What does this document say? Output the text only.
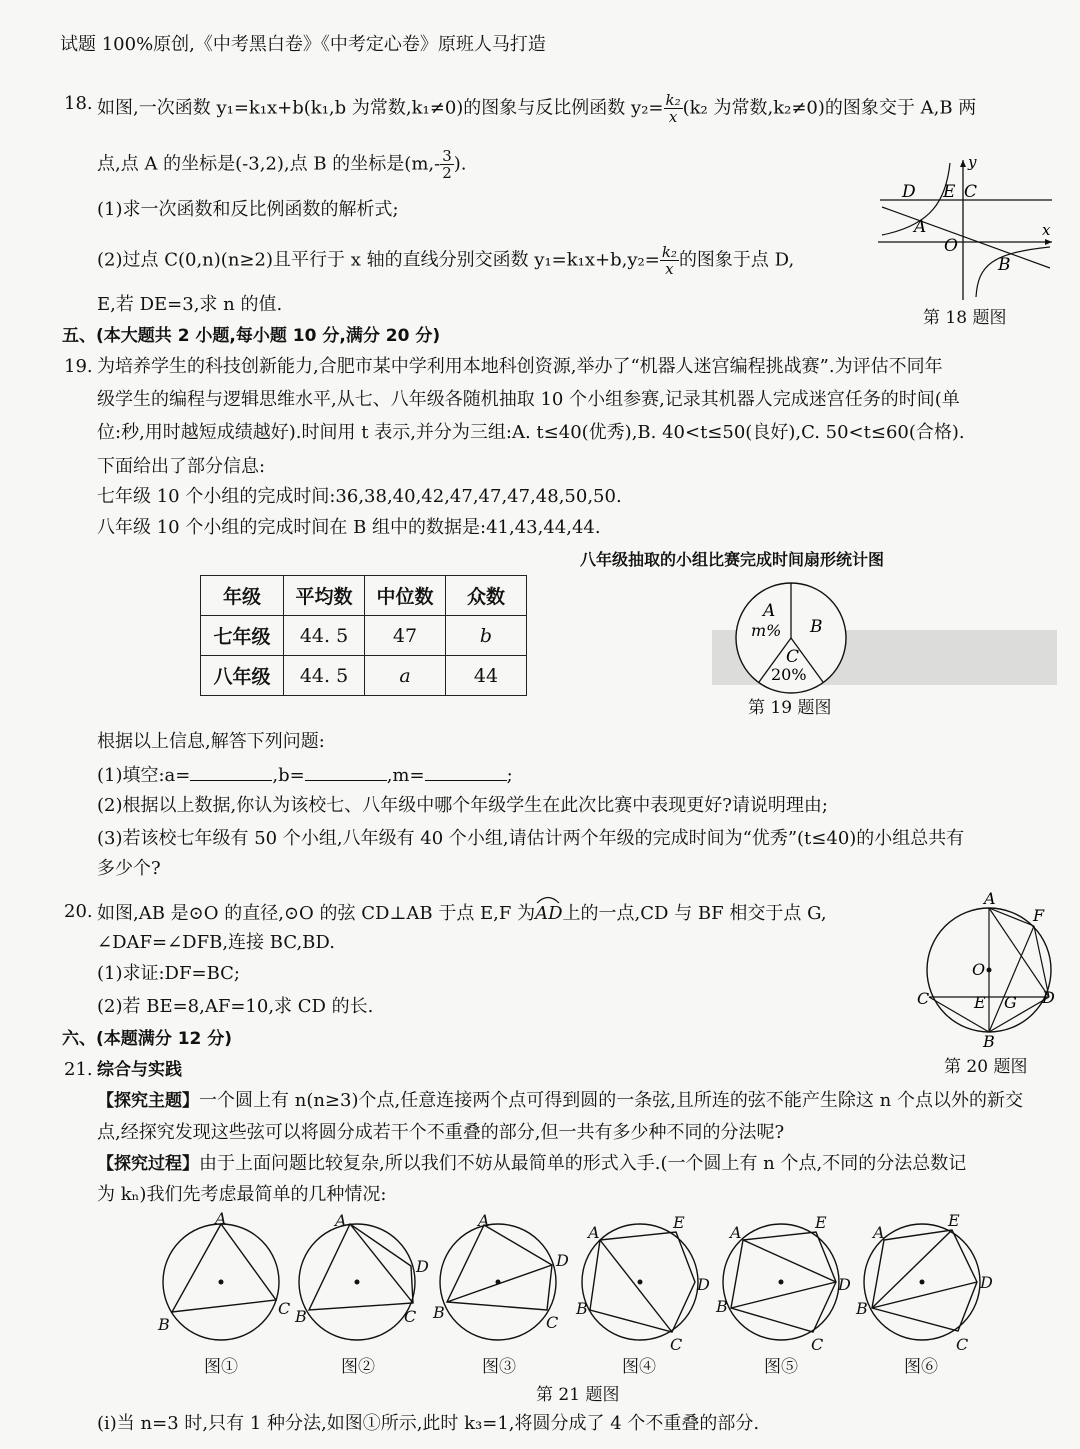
试题 100%原创,《中考黑白卷》《中考定心卷》原班人马打造
18. 如图,一次函数 y₁=k₁x+b(k₁,b 为常数,k₁≠0)的图象与反比例函数 $y_2= \frac{\text{k₂}}{x} (k_2$ 为常数,k₂≠0)的图象交于 A,B 两
点,点 A 的坐标是(-3,2),点 B 的坐标是($m,- \frac{3}{2}$ ).
(1)求一次函数和反比例函数的解析式;
(2)过点 C(0,n)(n≥2)且平行于 x 轴的直线分别交函数 $y_1=k_1x+b,y_2= \frac{\text{k₂}}{x}$ 的图象于点 D,
E,若 DE=3,求 n 的值.
D E C
A
O
B
x
y
第 18 题图
五、(本大题共 2 小题,每小题 10 分,满分 20 分)
19. 为培养学生的科技创新能力,合肥市某中学利用本地科创资源,举办了“机器人迷宫编程挑战赛”.为评估不同年
级学生的编程与逻辑思维水平,从七、八年级各随机抽取 10 个小组参赛,记录其机器人完成迷宫任务的时间(单
位:秒,用时越短成绩越好).时间用 t 表示,并分为三组:A. t≤40(优秀),B. 40<t≤50(良好),C. 50<t≤60(合格).
下面给出了部分信息:
七年级 10 个小组的完成时间:36,38,40,42,47,47,47,48,50,50.
八年级 10 个小组的完成时间在 B 组中的数据是:41,43,44,44.
八年级抽取的小组比赛完成时间扇形统计图
年级	平均数	中位数	众数
七年级	44. 5	47	b
八年级	44. 5	a	44
A
m% B
C
20%
第 19 题图
根据以上信息,解答下列问题:
(1)填空:a=	,b=	,m=	;
(2)根据以上数据,你认为该校七、八年级中哪个年级学生在此次比赛中表现更好?请说明理由;
(3)若该校七年级有 50 个小组,八年级有 40 个小组,请估计两个年级的完成时间为“优秀”(t≤40)的小组总共有
多少个?
20. 如图,AB 是⊙O 的直径,⊙O 的弦 CD⊥AB 于点 E,F 为AD
上的一点,CD 与 BF 相交于点 G,
∠DAF=∠DFB,连接 BC,BD.
(1)求证:DF=BC;
(2)若 BE=8,AF=10,求 CD 的长.
A
F
O
C	E G D
B
第 20 题图
六、(本题满分 12 分)
21. 综合与实践
【探究主题】一个圆上有 n(n≥3)个点,任意连接两个点可得到圆的一条弦,且所连的弦不能产生除这 n 个点以外的新交
点,经探究发现这些弦可以将圆分成若干个不重叠的部分,但一共有多少种不同的分法呢?
【探究过程】由于上面问题比较复杂,所以我们不妨从最简单的形式入手.(一个圆上有 n 个点,不同的分法总数记
为 kₙ)我们先考虑最简单的几种情况:
A
B
C
A
B	C
D
A
B
C
D
A
E
D
C
B
A
E
D
C
B
A
E
D
C
B
图①	图②	图③	图④	图⑤	图⑥
第 21 题图
(ⅰ)当 n=3 时,只有 1 种分法,如图①所示,此时 k₃=1,将圆分成了 4 个不重叠的部分.
